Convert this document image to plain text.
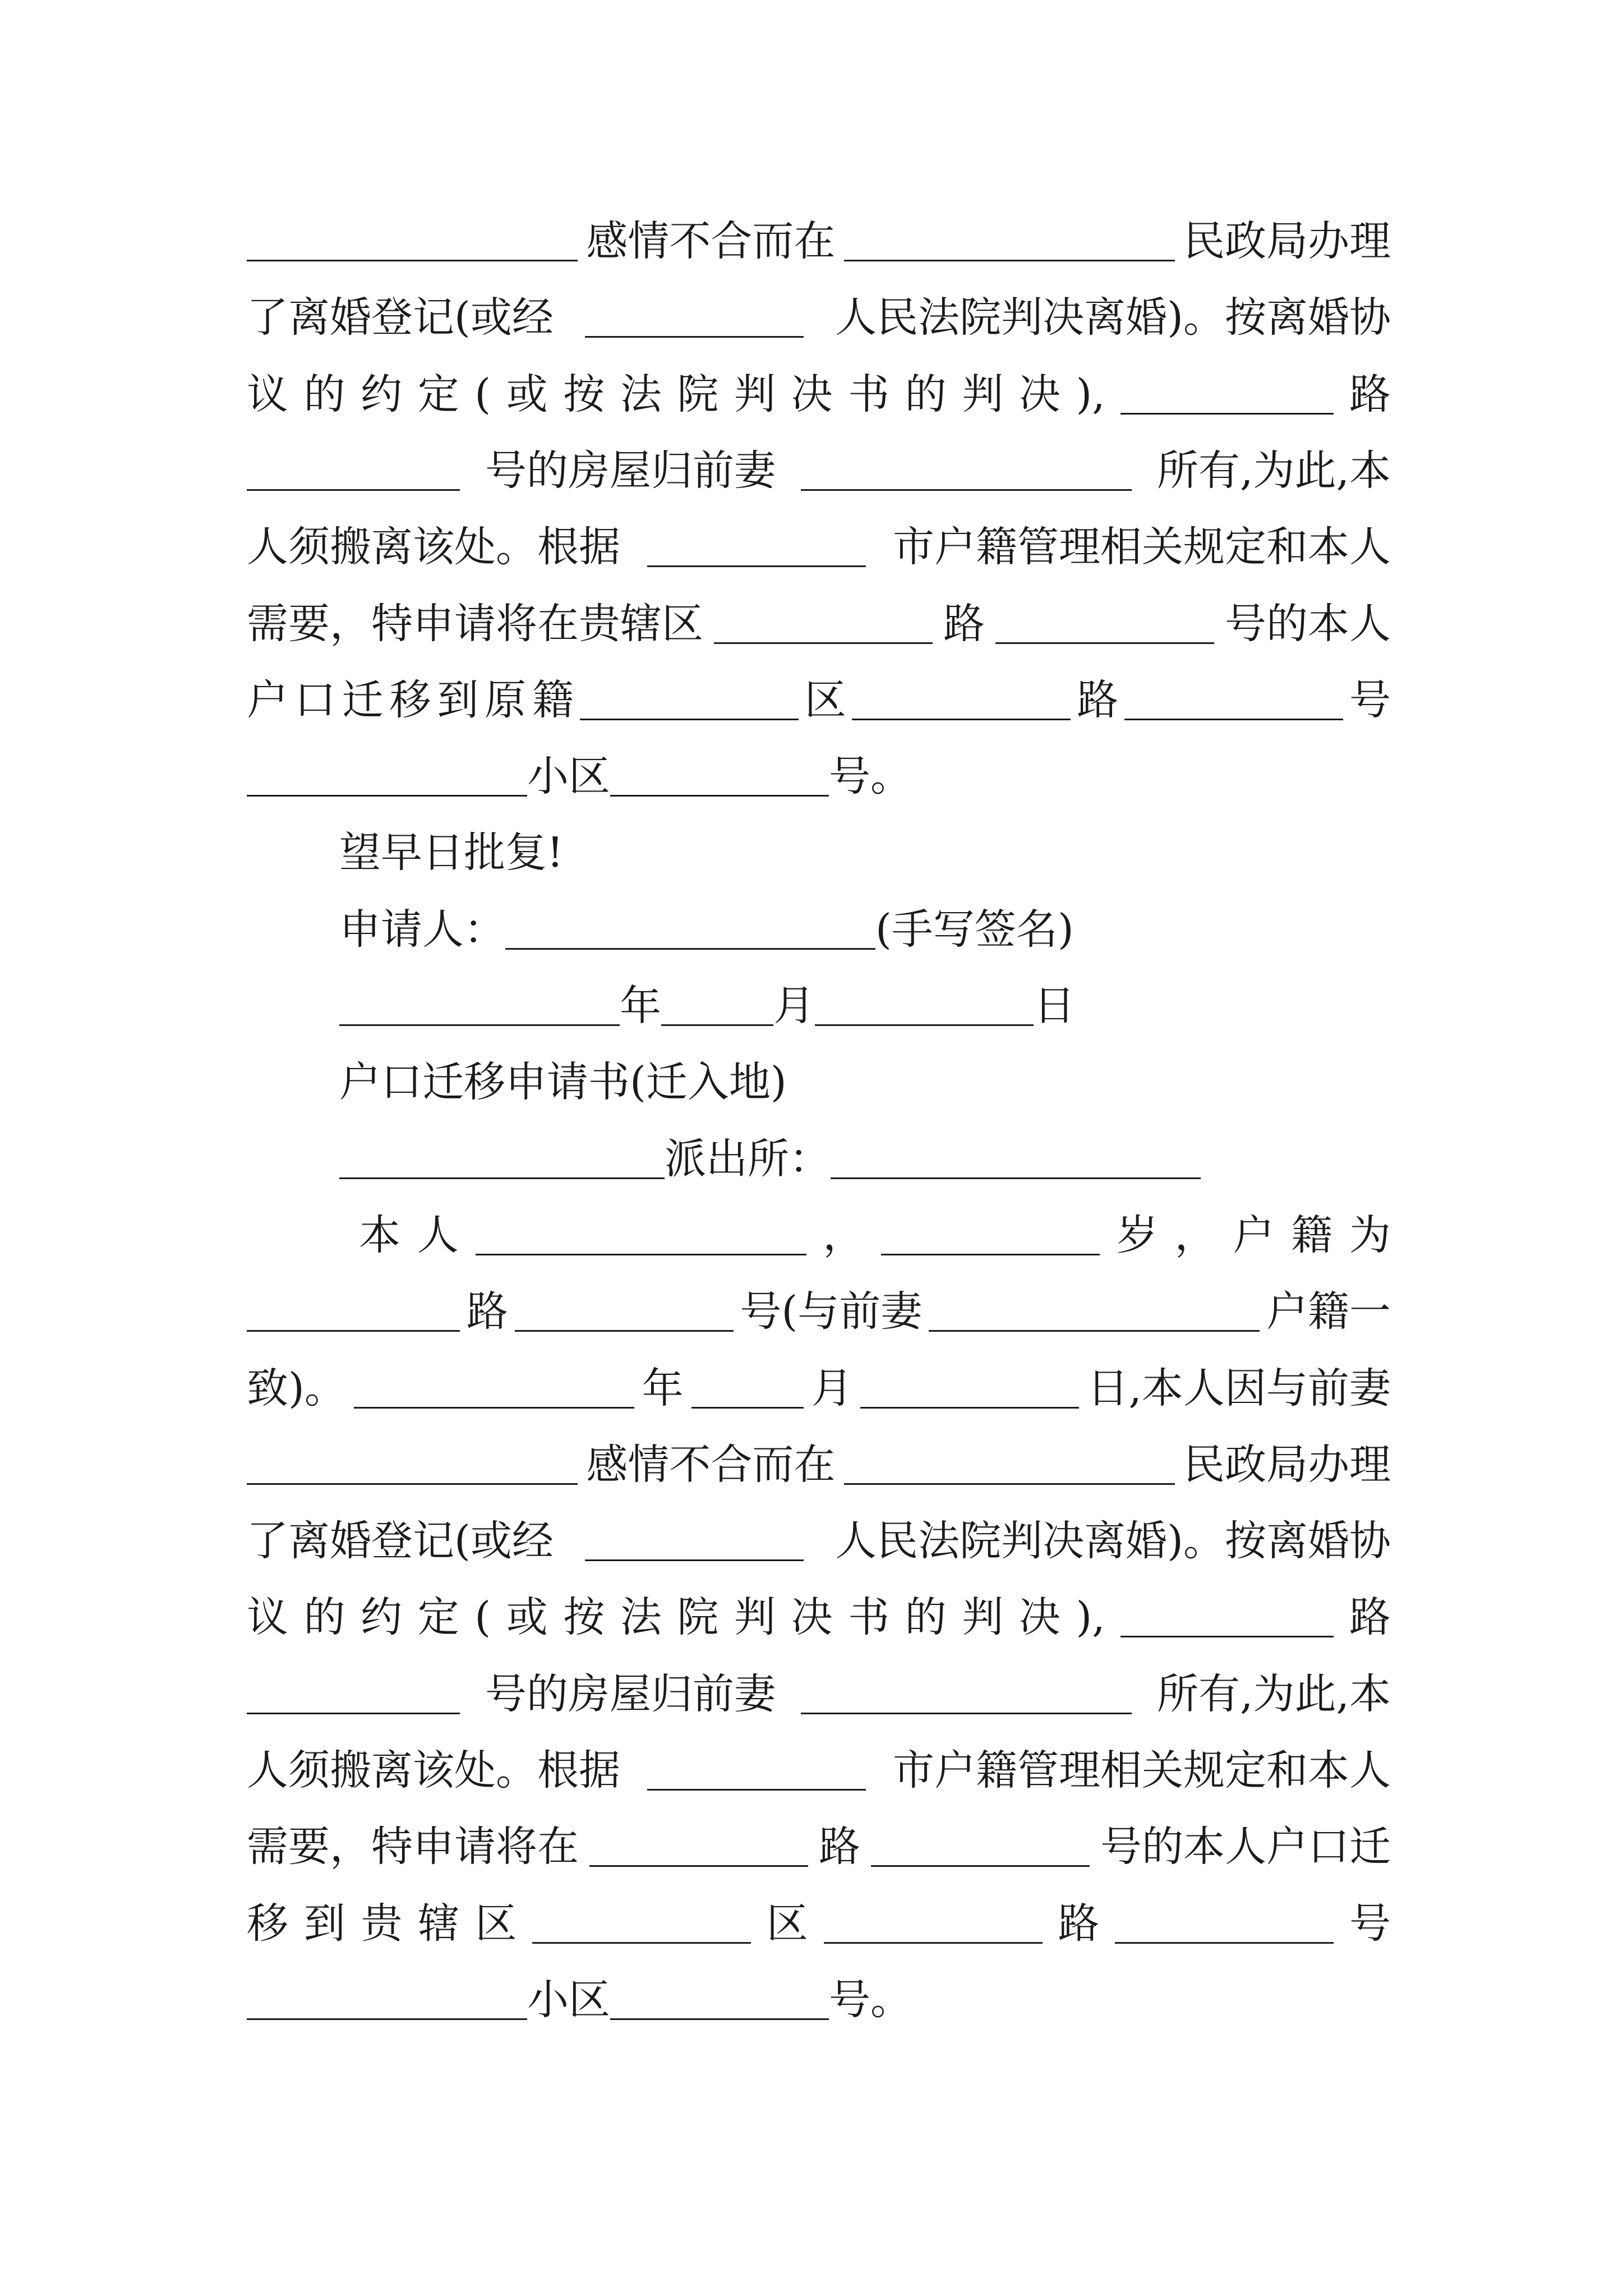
感情不合而在	民政局办理
了离婚登记(或经	人民法院判决离婚)。按离婚协
议 的 约 定 ( 或 按 法 院 判 决 书 的 判 决 ),	路
号的房屋归前妻	所有,为此,本
人须搬离该处。根据	市户籍管理相关规定和本人
需要，特申请将在贵辖区	路	号的本人
户 口 迁 移 到 原 籍	区	路	号
小区	号。
望早日批复!
申请人：	(手写签名)
年	月	日
户口迁移申请书(迁入地)
派出所：
本 人	，	岁 ， 户 籍 为
路	号(与前妻	户籍一
致)。	年	月	日,本人因与前妻
感情不合而在	民政局办理
了离婚登记(或经	人民法院判决离婚)。按离婚协
议 的 约 定 ( 或 按 法 院 判 决 书 的 判 决 ),	路
号的房屋归前妻	所有,为此,本
人须搬离该处。根据	市户籍管理相关规定和本人
需要，特申请将在	路	号的本人户口迁
移 到 贵 辖 区	区	路	号
小区	号。
